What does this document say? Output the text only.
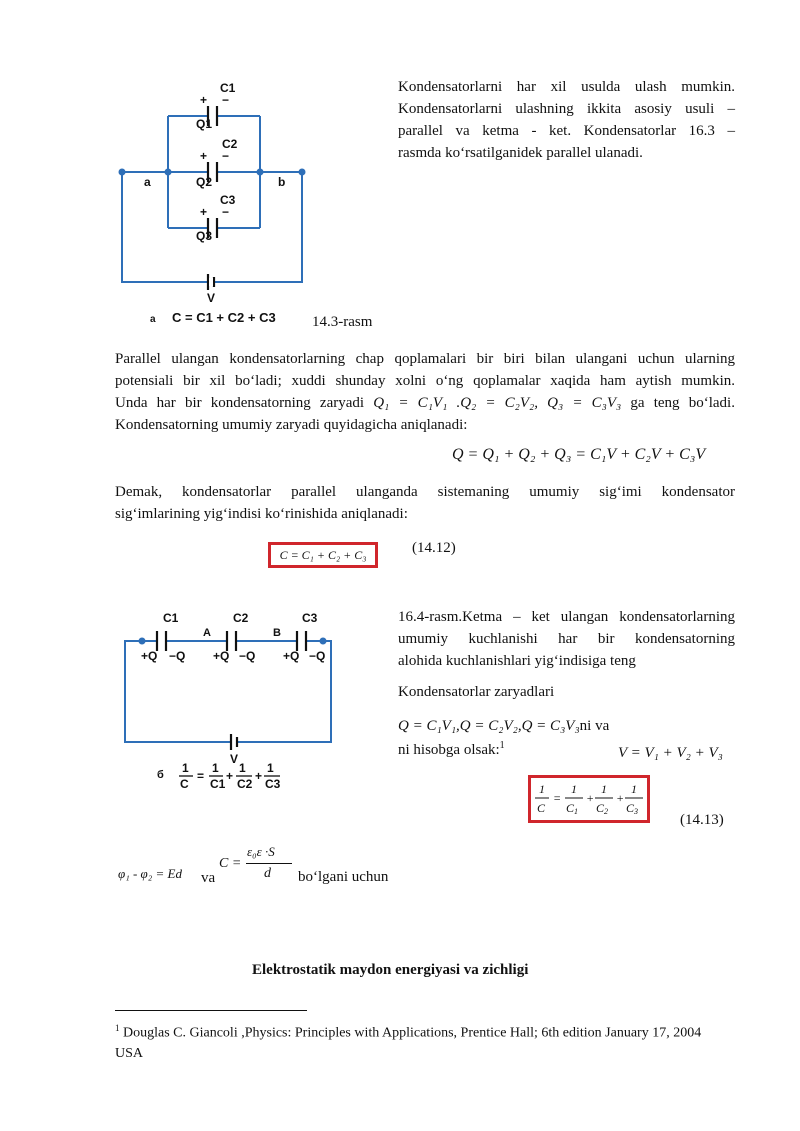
+ −
C1
Q1
+ −
C2
Q2
+ −
C3
Q3
a	b
V
a C = C1 + C2 + C3 14.3-rasm
Kondensatorlarni har xil usulda ulash mumkin.
Kondensatorlarni ulashning ikkita asosiy usuli –
parallel va ketma - ket. Kondensatorlar 16.3 –
rasmda ko‘rsatilganidek parallel ulanadi.
Parallel ulangan kondensatorlarning chap qoplamalari bir biri bilan ulangani uchun ularning
potensiali bir xil bo‘ladi; xuddi shunday xolni o‘ng qoplamalar xaqida ham aytish mumkin.
Unda har bir kondensatorning zaryadi Q₁ = C₁V₁ .Q₂ = C₂V₂, Q₃ = C₃V₃ ga teng bo‘ladi.
Kondensatorning umumiy zaryadi quyidagicha aniqlanadi:
Q = Q₁ + Q₂ + Q₃ = C₁V + C₂V + C₃V
Demak, kondensatorlar parallel ulanganda sistemaning umumiy sig‘imi kondensator
sig‘imlarining yig‘indisi ko‘rinishida aniqlanadi:
C = C₁ + C₂ + C₃	(14.12)
C1	C2	C3
A	B
+Q −Q +Q −Q +Q −Q
V
б 1
C
=
1
C1
+
1
C2
+
1
C3
16.4-rasm.Ketma – ket ulangan kondensatorlarning
umumiy kuchlanishi har bir kondensatorning
alohida kuchlanishlari yig‘indisiga teng
Kondensatorlar zaryadlari
Q = C₁V₁,Q = C₂V₂,Q = C₃V₃ni va
ni hisobga olsak:$^1$	V = V₁ + V₂ + V₃
1
C
=
1
C1
+
1
C2
+
1
C3
(14.13)
φ₁ - φ₂ = Ed va
C =
ε₀ε ·S
d bo‘lgani uchun
Elektrostatik maydon energiyasi va zichligi
$^1$ Douglas C. Giancoli ,Physics: Principles with Applications, Prentice Hall; 6th edition January 17, 2004
USA
